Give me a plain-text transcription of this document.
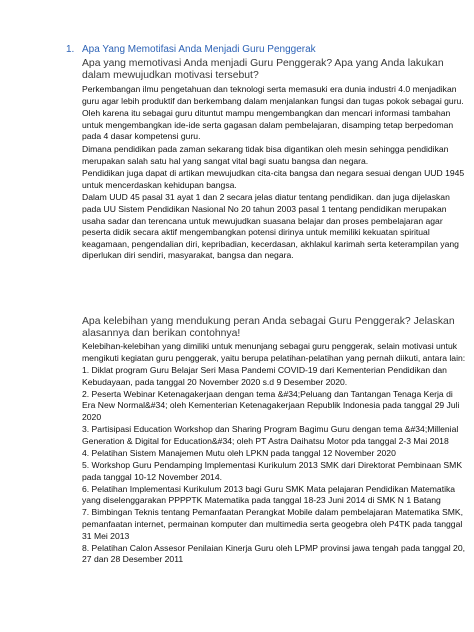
1. Apa Yang Memotifasi Anda Menjadi Guru Penggerak
Apa yang memotivasi Anda menjadi Guru Penggerak? Apa yang Anda lakukan dalam mewujudkan motivasi tersebut?

Perkembangan ilmu pengetahuan dan teknologi serta memasuki era dunia industri 4.0 menjadikan guru agar lebih produktif dan berkembang dalam menjalankan fungsi dan tugas pokok sebagai guru.

Oleh karena itu sebagai guru dituntut mampu mengembangkan dan mencari informasi tambahan untuk mengembangkan ide-ide serta gagasan dalam pembelajaran, disamping tetap berpedoman pada 4 dasar kompetensi guru.

Dimana pendidikan pada zaman sekarang tidak bisa digantikan oleh mesin sehingga pendidikan merupakan salah satu hal yang sangat vital bagi suatu bangsa dan negara.

Pendidikan juga dapat di artikan mewujudkan cita-cita bangsa dan negara sesuai dengan UUD 1945 untuk mencerdaskan kehidupan bangsa.

Dalam UUD 45 pasal 31 ayat 1 dan 2 secara jelas diatur tentang pendidikan. dan juga dijelaskan pada UU Sistem Pendidikan Nasional No 20 tahun 2003 pasal 1 tentang pendidikan merupakan usaha sadar dan terencana untuk mewujudkan suasana belajar dan proses pembelajaran agar peserta didik secara aktif mengembangkan potensi dirinya untuk memiliki kekuatan spiritual keagamaan, pengendalian diri, kepribadian, kecerdasan, akhlakul karimah serta keterampilan yang diperlukan diri sendiri, masyarakat, bangsa dan negara.

Apa kelebihan yang mendukung peran Anda sebagai Guru Penggerak? Jelaskan alasannya dan berikan contohnya!

Kelebihan-kelebihan yang dimiliki untuk menunjang sebagai guru penggerak, selain motivasi untuk mengikuti kegiatan guru penggerak, yaitu berupa pelatihan-pelatihan yang pernah diikuti, antara lain:

1. Diklat program Guru Belajar Seri Masa Pandemi COVID-19 dari Kementerian Pendidikan dan Kebudayaan, pada tanggal 20 November 2020 s.d 9 Desember 2020.
2. Peserta Webinar Ketenagakerjaan dengan tema &#34;Peluang dan Tantangan Tenaga Kerja di Era New Normal&#34; oleh Kementerian Ketenagakerjaan Republik Indonesia pada tanggal 29 Juli 2020
3. Partisipasi Education Workshop dan Sharing Program Bagimu Guru dengan tema &#34;Millenial Generation & Digital for Education&#34; oleh PT Astra Daihatsu Motor pda tanggal 2-3 Mai 2018
4. Pelatihan Sistem Manajemen Mutu oleh LPKN pada tanggal 12 November 2020
5. Workshop Guru Pendamping Implementasi Kurikulum 2013 SMK dari Direktorat Pembinaan SMK pada tanggal 10-12 November 2014.
6. Pelatihan Implementasi Kurikulum 2013 bagi Guru SMK Mata pelajaran Pendidikan Matematika yang diselenggarakan PPPPTK Matematika pada tanggal 18-23 Juni 2014 di SMK N 1 Batang
7. Bimbingan Teknis tentang Pemanfaatan Perangkat Mobile dalam pembelajaran Matematika SMK, pemanfaatan internet, permainan komputer dan multimedia serta geogebra oleh P4TK pada tanggal 31 Mei 2013
8. Pelatihan Calon Assesor Penilaian Kinerja Guru oleh LPMP provinsi jawa tengah pada tanggal 20, 27 dan 28 Desember 2011
